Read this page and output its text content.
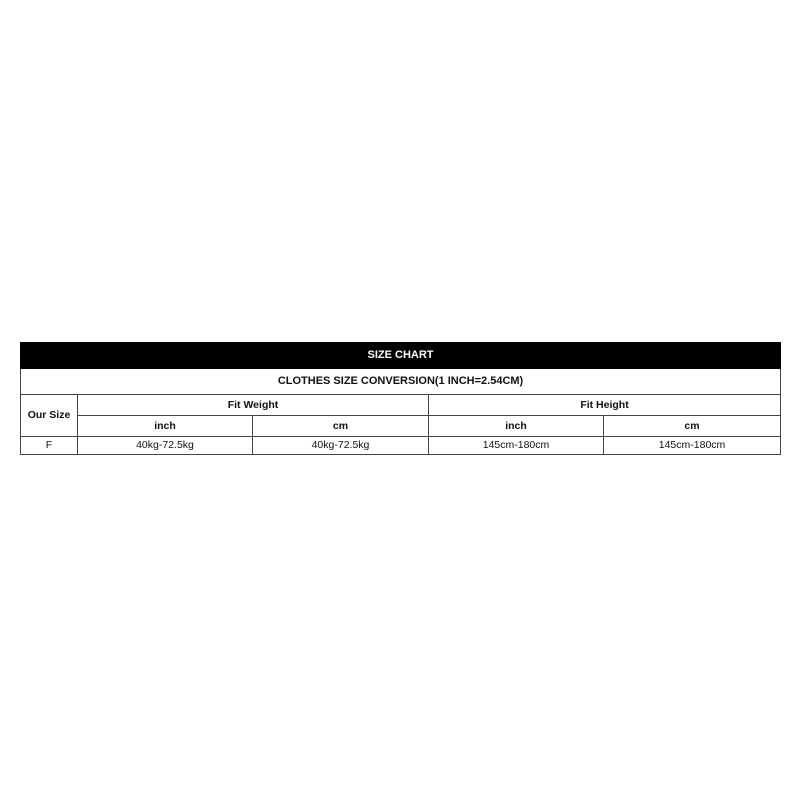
SIZE CHART				
CLOTHES SIZE CONVERSION(1 INCH=2.54CM)				
Our Size	Fit Weight		Fit Height	
	inch	cm	inch	cm
F	40kg-72.5kg	40kg-72.5kg	145cm-180cm	145cm-180cm
